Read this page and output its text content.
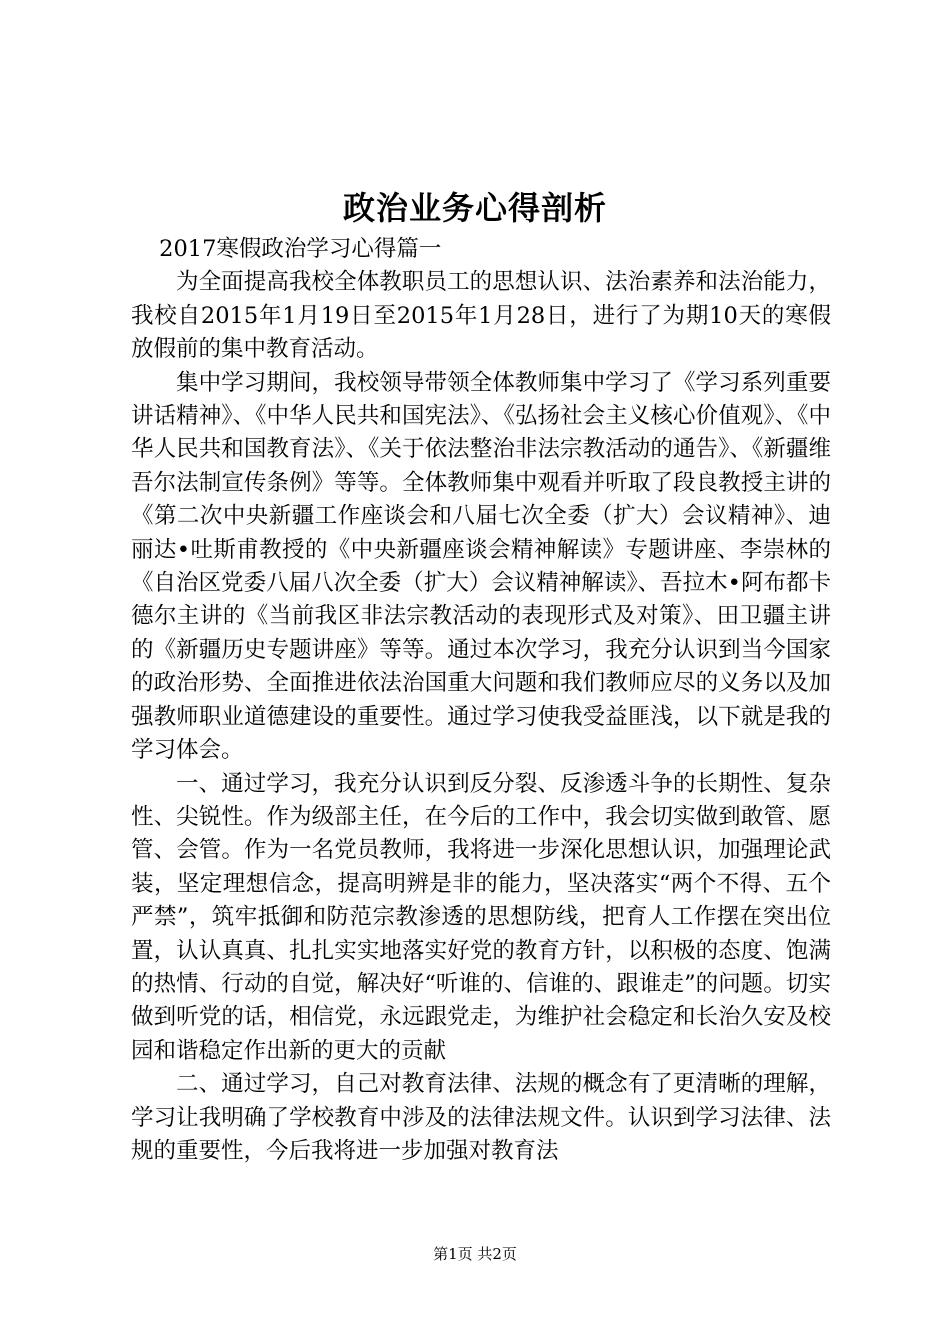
政治业务心得剖析

2017寒假政治学习心得篇一

为全面提高我校全体教职员工的思想认识、法治素养和法治能力，我校自2015年1月19日至2015年1月28日，进行了为期10天的寒假放假前的集中教育活动。

集中学习期间，我校领导带领全体教师集中学习了《学习系列重要讲话精神》、《中华人民共和国宪法》、《弘扬社会主义核心价值观》、《中华人民共和国教育法》、《关于依法整治非法宗教活动的通告》、《新疆维吾尔法制宣传条例》等等。全体教师集中观看并听取了段良教授主讲的《第二次中央新疆工作座谈会和八届七次全委（扩大）会议精神》、迪丽达•吐斯甫教授的《中央新疆座谈会精神解读》专题讲座、李崇林的《自治区党委八届八次全委（扩大）会议精神解读》、吾拉木•阿布都卡德尔主讲的《当前我区非法宗教活动的表现形式及对策》、田卫疆主讲的《新疆历史专题讲座》等等。通过本次学习，我充分认识到当今国家的政治形势、全面推进依法治国重大问题和我们教师应尽的义务以及加强教师职业道德建设的重要性。通过学习使我受益匪浅，以下就是我的学习体会。

一、通过学习，我充分认识到反分裂、反渗透斗争的长期性、复杂性、尖锐性。作为级部主任，在今后的工作中，我会切实做到敢管、愿管、会管。作为一名党员教师，我将进一步深化思想认识，加强理论武装，坚定理想信念，提高明辨是非的能力，坚决落实“两个不得、五个严禁”，筑牢抵御和防范宗教渗透的思想防线，把育人工作摆在突出位置，认认真真、扎扎实实地落实好党的教育方针，以积极的态度、饱满的热情、行动的自觉，解决好“听谁的、信谁的、跟谁走”的问题。切实做到听党的话，相信党，永远跟党走，为维护社会稳定和长治久安及校园和谐稳定作出新的更大的贡献

二、通过学习，自己对教育法律、法规的概念有了更清晰的理解，学习让我明确了学校教育中涉及的法律法规文件。认识到学习法律、法规的重要性，今后我将进一步加强对教育法

第1页 共2页
